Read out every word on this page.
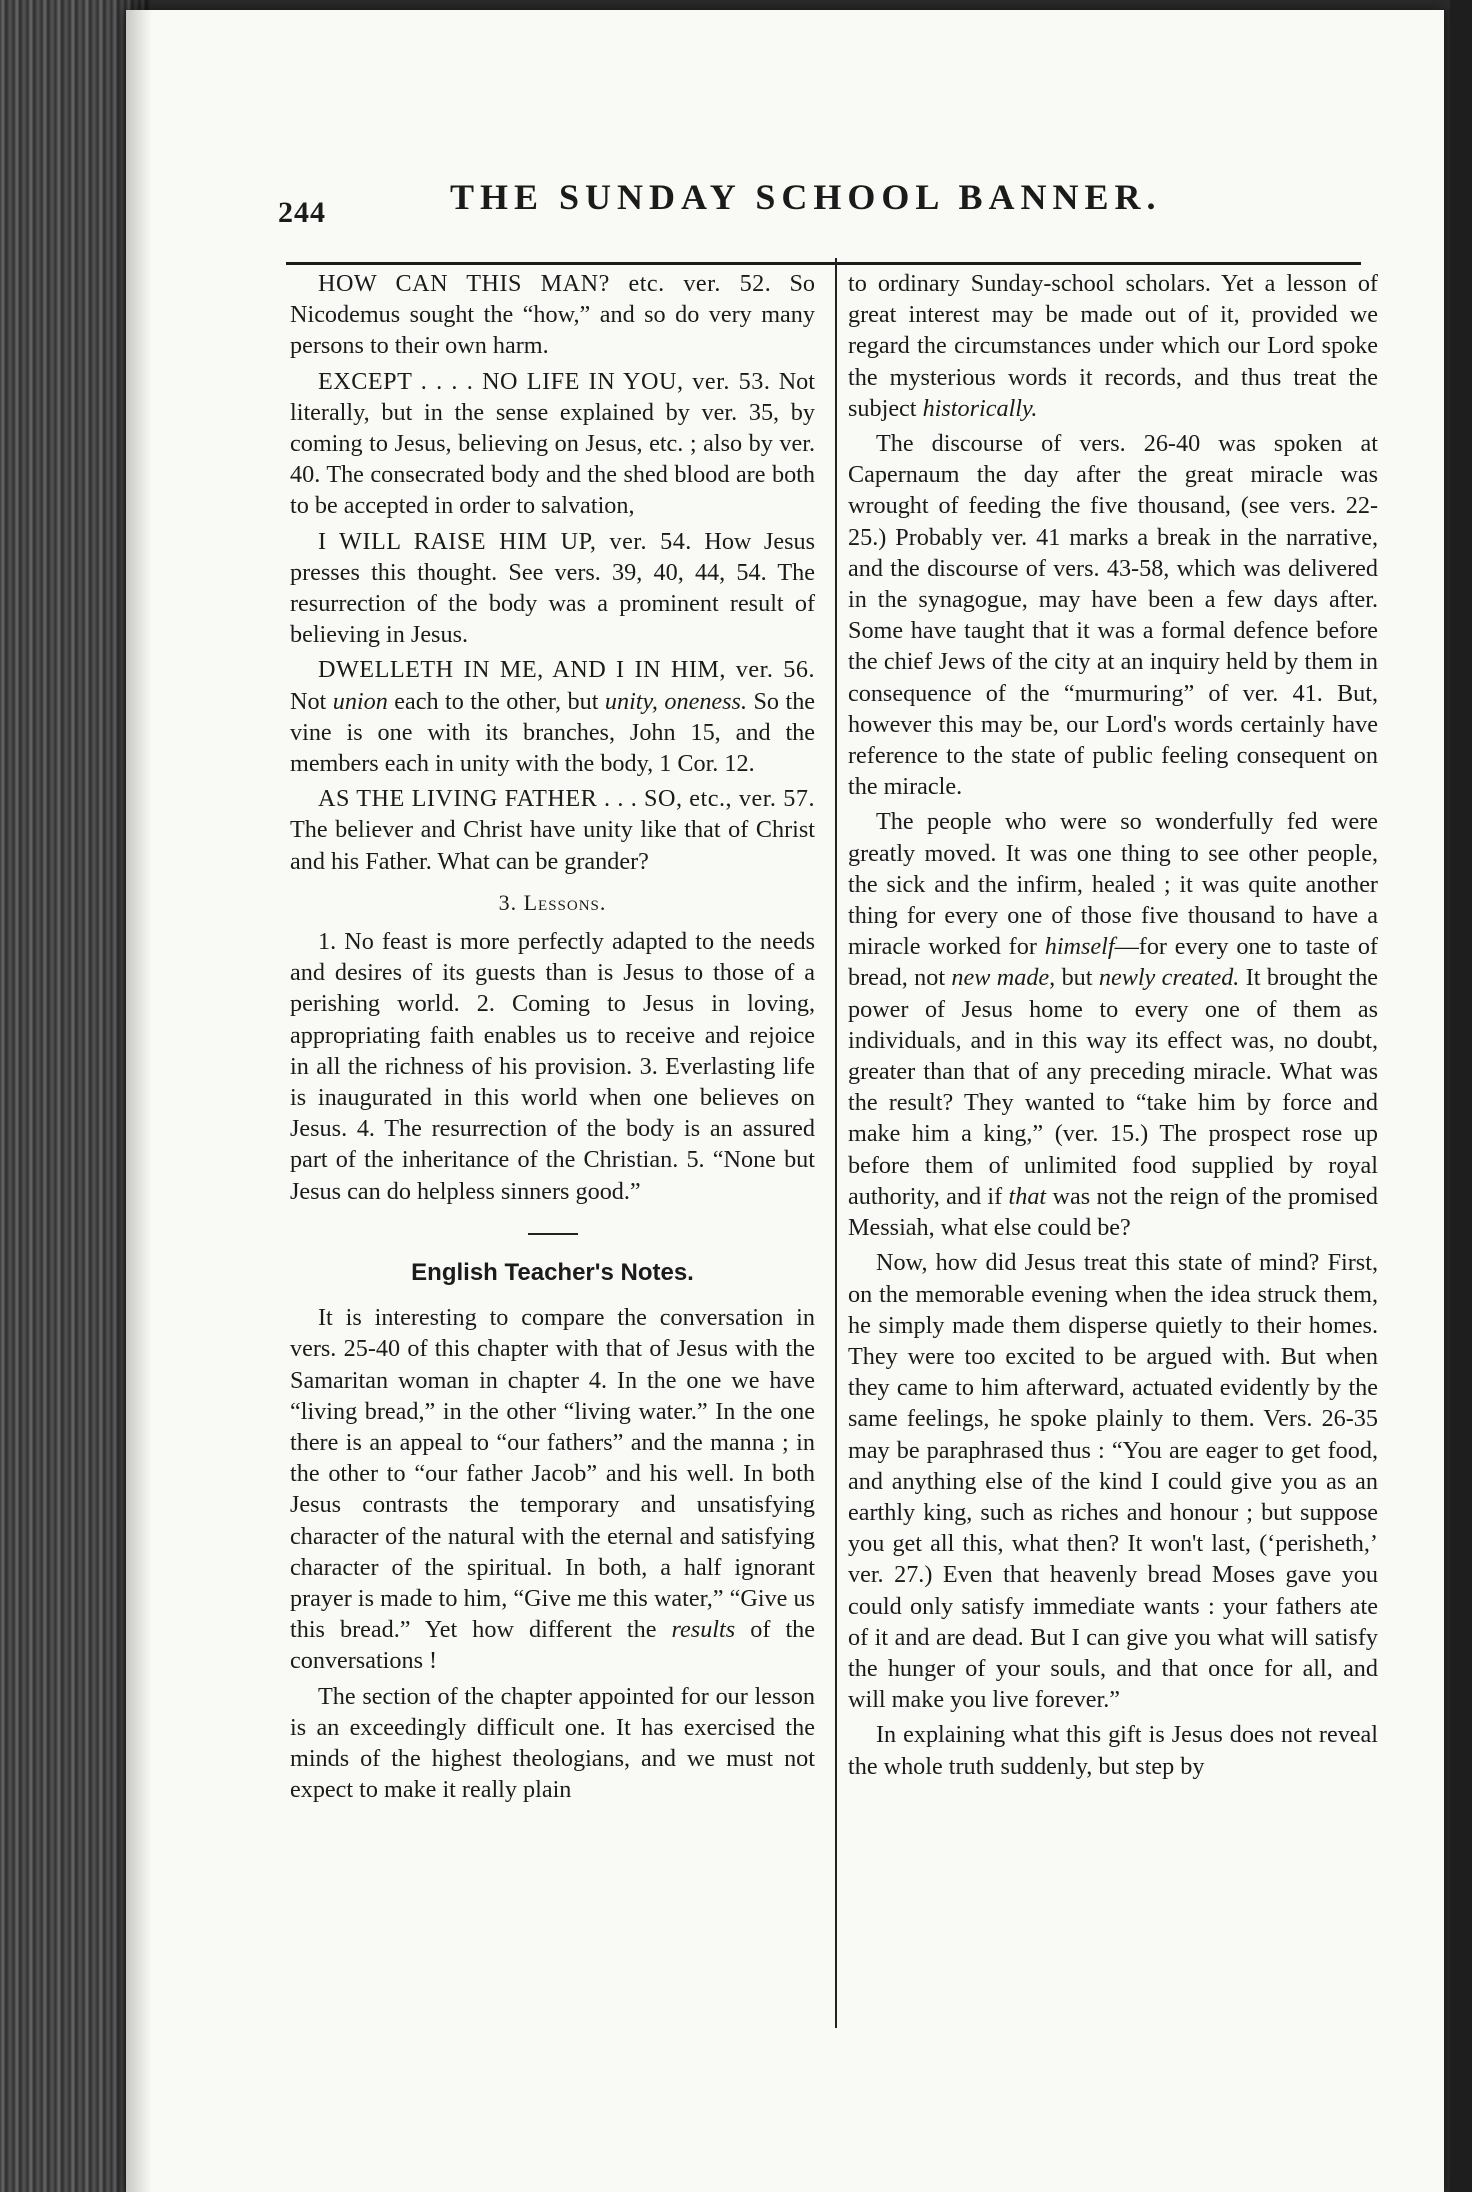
244	THE SUNDAY SCHOOL BANNER.

HOW CAN THIS MAN? etc. ver. 52. So Nicodemus sought the “how,” and so do very many persons to their own harm.

EXCEPT . . . . NO LIFE IN YOU, ver. 53. Not literally, but in the sense explained by ver. 35, by coming to Jesus, believing on Jesus, etc. ; also by ver. 40. The consecrated body and the shed blood are both to be accepted in order to salvation,

I WILL RAISE HIM UP, ver. 54. How Jesus presses this thought. See vers. 39, 40, 44, 54. The resurrection of the body was a prominent result of believing in Jesus.

DWELLETH IN ME, AND I IN HIM, ver. 56. Not union each to the other, but unity, oneness. So the vine is one with its branches, John 15, and the members each in unity with the body, 1 Cor. 12.

AS THE LIVING FATHER . . . SO, etc., ver. 57. The believer and Christ have unity like that of Christ and his Father. What can be grander?

3. Lessons.

1. No feast is more perfectly adapted to the needs and desires of its guests than is Jesus to those of a perishing world. 2. Coming to Jesus in loving, appropriating faith enables us to receive and rejoice in all the richness of his provision. 3. Everlasting life is inaugurated in this world when one believes on Jesus. 4. The resurrection of the body is an assured part of the inheritance of the Christian. 5. “None but Jesus can do helpless sinners good.”

English Teacher's Notes.

It is interesting to compare the conversation in vers. 25-40 of this chapter with that of Jesus with the Samaritan woman in chapter 4. In the one we have “living bread,” in the other “living water.” In the one there is an appeal to “our fathers” and the manna ; in the other to “our father Jacob” and his well. In both Jesus contrasts the temporary and unsatisfying character of the natural with the eternal and satisfying character of the spiritual. In both, a half ignorant prayer is made to him, “Give me this water,” “Give us this bread.” Yet how different the results of the conversations !

The section of the chapter appointed for our lesson is an exceedingly difficult one. It has exercised the minds of the highest theologians, and we must not expect to make it really plain

to ordinary Sunday-school scholars. Yet a lesson of great interest may be made out of it, provided we regard the circumstances under which our Lord spoke the mysterious words it records, and thus treat the subject historically.

The discourse of vers. 26-40 was spoken at Capernaum the day after the great miracle was wrought of feeding the five thousand, (see vers. 22-25.) Probably ver. 41 marks a break in the narrative, and the discourse of vers. 43-58, which was delivered in the synagogue, may have been a few days after. Some have taught that it was a formal defence before the chief Jews of the city at an inquiry held by them in consequence of the “murmuring” of ver. 41. But, however this may be, our Lord's words certainly have reference to the state of public feeling consequent on the miracle.

The people who were so wonderfully fed were greatly moved. It was one thing to see other people, the sick and the infirm, healed ; it was quite another thing for every one of those five thousand to have a miracle worked for himself—for every one to taste of bread, not new made, but newly created. It brought the power of Jesus home to every one of them as individuals, and in this way its effect was, no doubt, greater than that of any preceding miracle. What was the result? They wanted to “take him by force and make him a king,” (ver. 15.) The prospect rose up before them of unlimited food supplied by royal authority, and if that was not the reign of the promised Messiah, what else could be?

Now, how did Jesus treat this state of mind? First, on the memorable evening when the idea struck them, he simply made them disperse quietly to their homes. They were too excited to be argued with. But when they came to him afterward, actuated evidently by the same feelings, he spoke plainly to them. Vers. 26-35 may be paraphrased thus : “You are eager to get food, and anything else of the kind I could give you as an earthly king, such as riches and honour ; but suppose you get all this, what then? It won't last, (‘perisheth,’ ver. 27.) Even that heavenly bread Moses gave you could only satisfy immediate wants : your fathers ate of it and are dead. But I can give you what will satisfy the hunger of your souls, and that once for all, and will make you live forever.”

In explaining what this gift is Jesus does not reveal the whole truth suddenly, but step by
